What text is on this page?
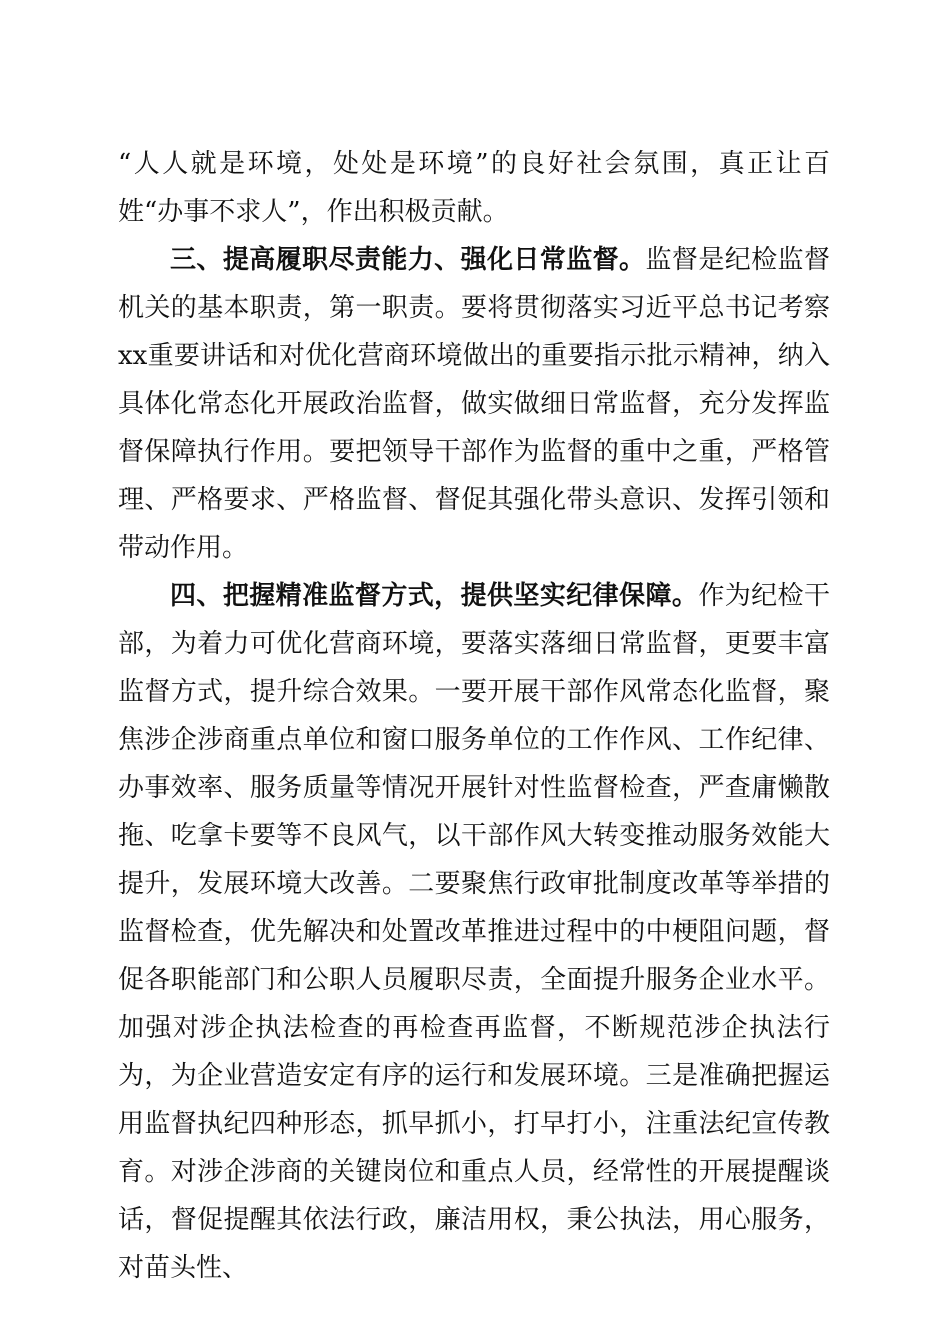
“人人就是环境，处处是环境”的良好社会氛围，真正让百姓“办事不求人”，作出积极贡献。

三、提高履职尽责能力、强化日常监督。监督是纪检监督机关的基本职责，第一职责。要将贯彻落实习近平总书记考察xx重要讲话和对优化营商环境做出的重要指示批示精神，纳入具体化常态化开展政治监督，做实做细日常监督，充分发挥监督保障执行作用。要把领导干部作为监督的重中之重，严格管理、严格要求、严格监督、督促其强化带头意识、发挥引领和带动作用。

四、把握精准监督方式，提供坚实纪律保障。作为纪检干部，为着力可优化营商环境，要落实落细日常监督，更要丰富监督方式，提升综合效果。一要开展干部作风常态化监督，聚焦涉企涉商重点单位和窗口服务单位的工作作风、工作纪律、办事效率、服务质量等情况开展针对性监督检查，严查庸懒散拖、吃拿卡要等不良风气，以干部作风大转变推动服务效能大提升，发展环境大改善。二要聚焦行政审批制度改革等举措的监督检查，优先解决和处置改革推进过程中的中梗阻问题，督促各职能部门和公职人员履职尽责，全面提升服务企业水平。加强对涉企执法检查的再检查再监督，不断规范涉企执法行为，为企业营造安定有序的运行和发展环境。三是准确把握运用监督执纪四种形态，抓早抓小，打早打小，注重法纪宣传教育。对涉企涉商的关键岗位和重点人员，经常性的开展提醒谈话，督促提醒其依法行政，廉洁用权，秉公执法，用心服务，对苗头性、
